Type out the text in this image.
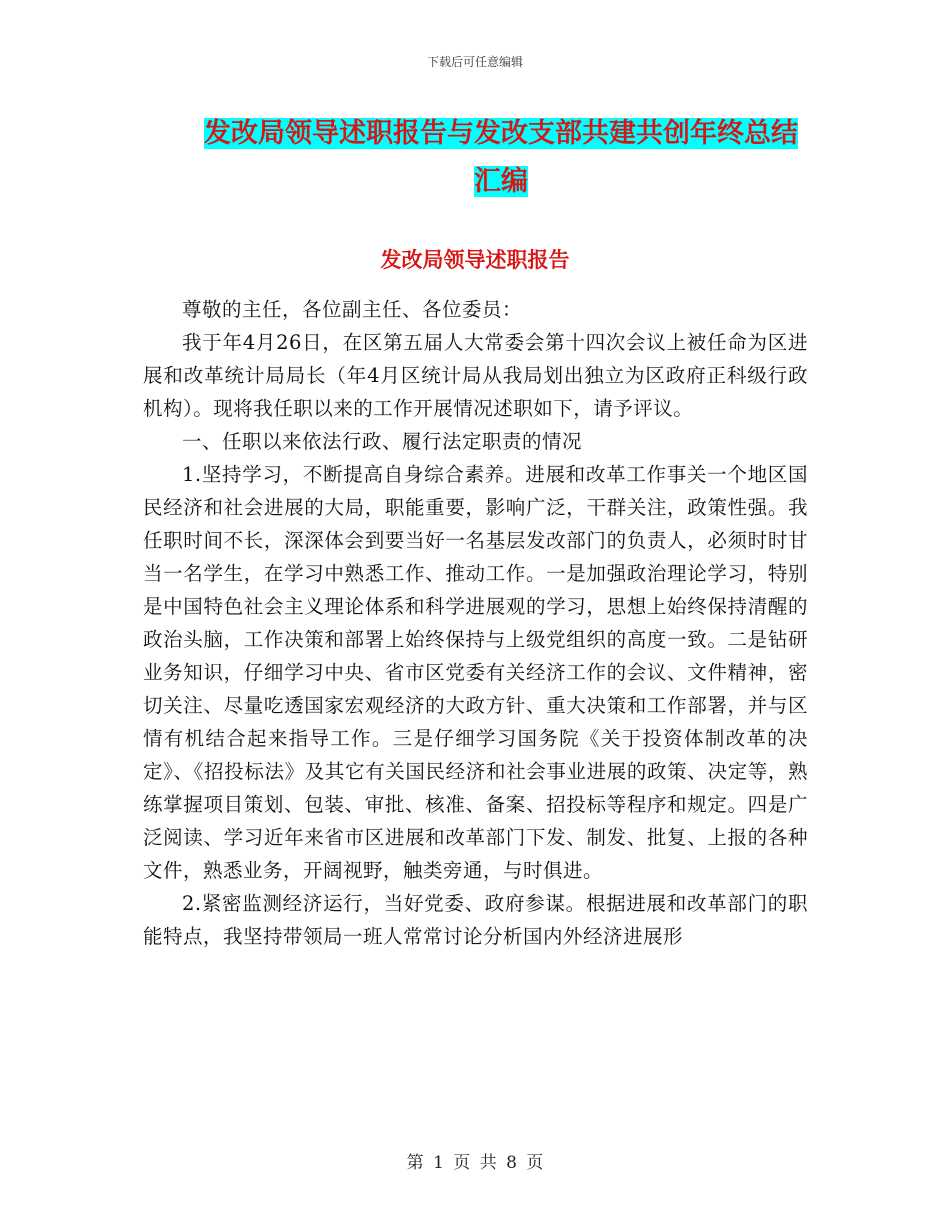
下载后可任意编辑
发改局领导述职报告与发改支部共建共创年终总结汇编
发改局领导述职报告

尊敬的主任，各位副主任、各位委员：

我于年4月26日，在区第五届人大常委会第十四次会议上被任命为区进展和改革统计局局长（年4月区统计局从我局划出独立为区政府正科级行政机构）。现将我任职以来的工作开展情况述职如下，请予评议。

一、任职以来依法行政、履行法定职责的情况

1.坚持学习，不断提高自身综合素养。进展和改革工作事关一个地区国民经济和社会进展的大局，职能重要，影响广泛，干群关注，政策性强。我任职时间不长，深深体会到要当好一名基层发改部门的负责人，必须时时甘当一名学生，在学习中熟悉工作、推动工作。一是加强政治理论学习，特别是中国特色社会主义理论体系和科学进展观的学习，思想上始终保持清醒的政治头脑，工作决策和部署上始终保持与上级党组织的高度一致。二是钻研业务知识，仔细学习中央、省市区党委有关经济工作的会议、文件精神，密切关注、尽量吃透国家宏观经济的大政方针、重大决策和工作部署，并与区情有机结合起来指导工作。三是仔细学习国务院《关于投资体制改革的决定》、《招投标法》及其它有关国民经济和社会事业进展的政策、决定等，熟练掌握项目策划、包装、审批、核准、备案、招投标等程序和规定。四是广泛阅读、学习近年来省市区进展和改革部门下发、制发、批复、上报的各种文件，熟悉业务，开阔视野，触类旁通，与时俱进。

2.紧密监测经济运行，当好党委、政府参谋。根据进展和改革部门的职能特点，我坚持带领局一班人常常讨论分析国内外经济进展形

第 1 页 共 8 页
